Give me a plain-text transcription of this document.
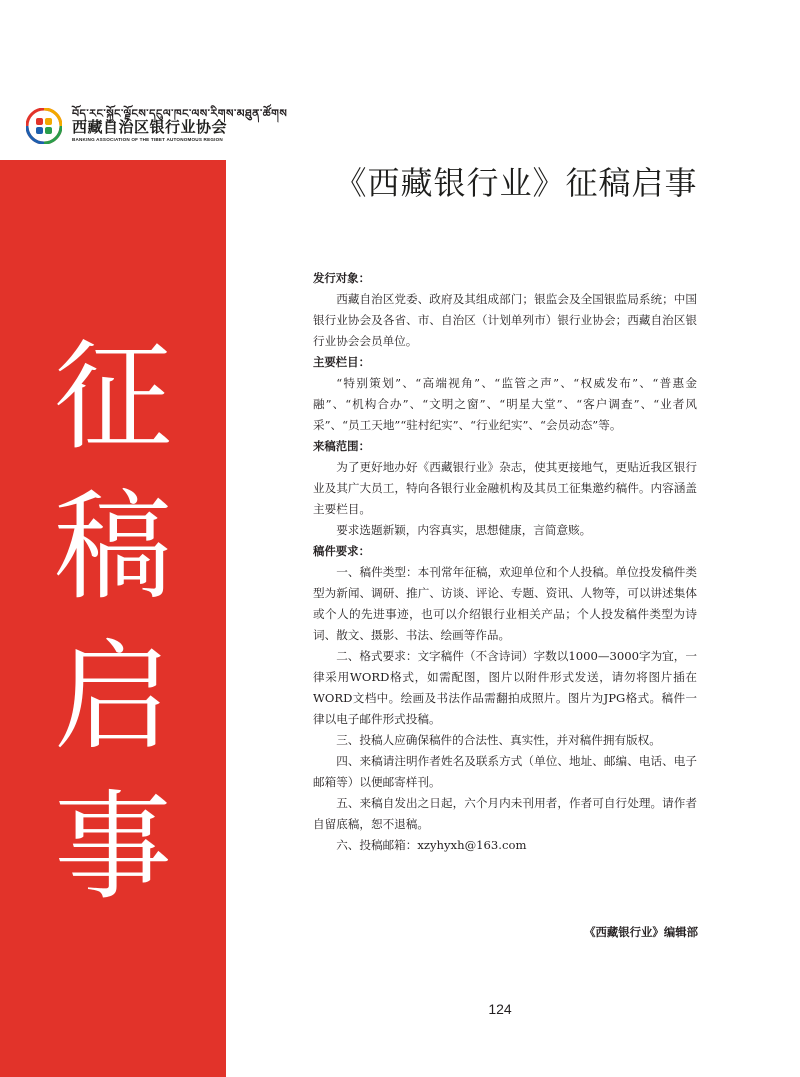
བོད་རང་སྐྱོང་ལྗོངས་དངུལ་ཁང་ལས་རིགས་མཐུན་ཚོགས
西藏自治区银行业协会
BANKING ASSOCIATION OF THE TIBET AUTONOMOUS REGION
征
稿
启
事
《西藏银行业》征稿启事
发行对象：
西藏自治区党委、政府及其组成部门；银监会及全国银监局系统；中国银行业协会及各省、市、自治区（计划单列市）银行业协会；西藏自治区银行业协会会员单位。
主要栏目：
“特别策划”、“高端视角”、“监管之声”、“权威发布”、“普惠金融”、“机构合办”、“文明之窗”、“明星大堂”、“客户调查”、“业者风采”、“员工天地”“驻村纪实”、“行业纪实”、“会员动态”等。
来稿范围：
为了更好地办好《西藏银行业》杂志，使其更接地气，更贴近我区银行业及其广大员工，特向各银行业金融机构及其员工征集邀约稿件。内容涵盖主要栏目。
要求选题新颖，内容真实，思想健康，言简意赅。
稿件要求：
一、稿件类型：本刊常年征稿，欢迎单位和个人投稿。单位投发稿件类型为新闻、调研、推广、访谈、评论、专题、资讯、人物等，可以讲述集体或个人的先进事迹，也可以介绍银行业相关产品；个人投发稿件类型为诗词、散文、摄影、书法、绘画等作品。
二、格式要求：文字稿件（不含诗词）字数以1000—3000字为宜，一律采用WORD格式，如需配图，图片以附件形式发送，请勿将图片插在WORD文档中。绘画及书法作品需翻拍成照片。图片为JPG格式。稿件一律以电子邮件形式投稿。
三、投稿人应确保稿件的合法性、真实性，并对稿件拥有版权。
四、来稿请注明作者姓名及联系方式（单位、地址、邮编、电话、电子邮箱等）以便邮寄样刊。
五、来稿自发出之日起，六个月内未刊用者，作者可自行处理。请作者自留底稿，恕不退稿。
六、投稿邮箱：xzyhyxh@163.com
《西藏银行业》编辑部
124
